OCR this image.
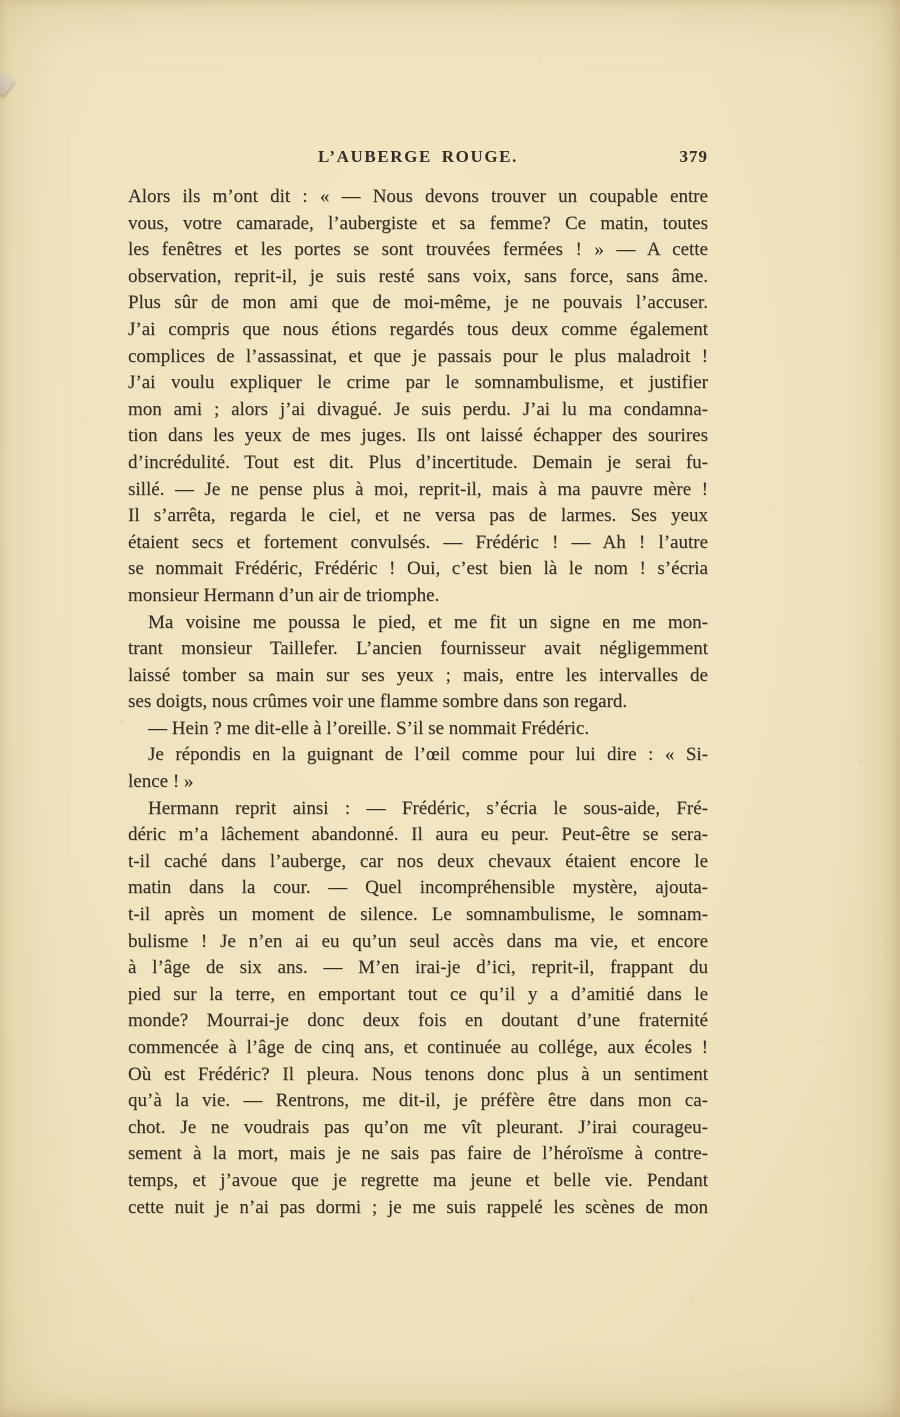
L’AUBERGE ROUGE.	379
Alors ils m’ont dit : « — Nous devons trouver un coupable entre
vous, votre camarade, l’aubergiste et sa femme? Ce matin, toutes
les fenêtres et les portes se sont trouvées fermées ! » — A cette
observation, reprit-il, je suis resté sans voix, sans force, sans âme.
Plus sûr de mon ami que de moi-même, je ne pouvais l’accuser.
J’ai compris que nous étions regardés tous deux comme également
complices de l’assassinat, et que je passais pour le plus maladroit !
J’ai voulu expliquer le crime par le somnambulisme, et justifier
mon ami ; alors j’ai divagué. Je suis perdu. J’ai lu ma condamna-
tion dans les yeux de mes juges. Ils ont laissé échapper des sourires
d’incrédulité. Tout est dit. Plus d’incertitude. Demain je serai fu-
sillé. — Je ne pense plus à moi, reprit-il, mais à ma pauvre mère !
Il s’arrêta, regarda le ciel, et ne versa pas de larmes. Ses yeux
étaient secs et fortement convulsés. — Frédéric ! — Ah ! l’autre
se nommait Frédéric, Frédéric ! Oui, c’est bien là le nom ! s’écria
monsieur Hermann d’un air de triomphe.
Ma voisine me poussa le pied, et me fit un signe en me mon-
trant monsieur Taillefer. L’ancien fournisseur avait négligemment
laissé tomber sa main sur ses yeux ; mais, entre les intervalles de
ses doigts, nous crûmes voir une flamme sombre dans son regard.
— Hein ? me dit-elle à l’oreille. S’il se nommait Frédéric.
Je répondis en la guignant de l’œil comme pour lui dire : « Si-
lence ! »
Hermann reprit ainsi : — Frédéric, s’écria le sous-aide, Fré-
déric m’a lâchement abandonné. Il aura eu peur. Peut-être se sera-
t-il caché dans l’auberge, car nos deux chevaux étaient encore le
matin dans la cour. — Quel incompréhensible mystère, ajouta-
t-il après un moment de silence. Le somnambulisme, le somnam-
bulisme ! Je n’en ai eu qu’un seul accès dans ma vie, et encore
à l’âge de six ans. — M’en irai-je d’ici, reprit-il, frappant du
pied sur la terre, en emportant tout ce qu’il y a d’amitié dans le
monde? Mourrai-je donc deux fois en doutant d’une fraternité
commencée à l’âge de cinq ans, et continuée au collége, aux écoles !
Où est Frédéric? Il pleura. Nous tenons donc plus à un sentiment
qu’à la vie. — Rentrons, me dit-il, je préfère être dans mon ca-
chot. Je ne voudrais pas qu’on me vît pleurant. J’irai courageu-
sement à la mort, mais je ne sais pas faire de l’héroïsme à contre-
temps, et j’avoue que je regrette ma jeune et belle vie. Pendant
cette nuit je n’ai pas dormi ; je me suis rappelé les scènes de mon
